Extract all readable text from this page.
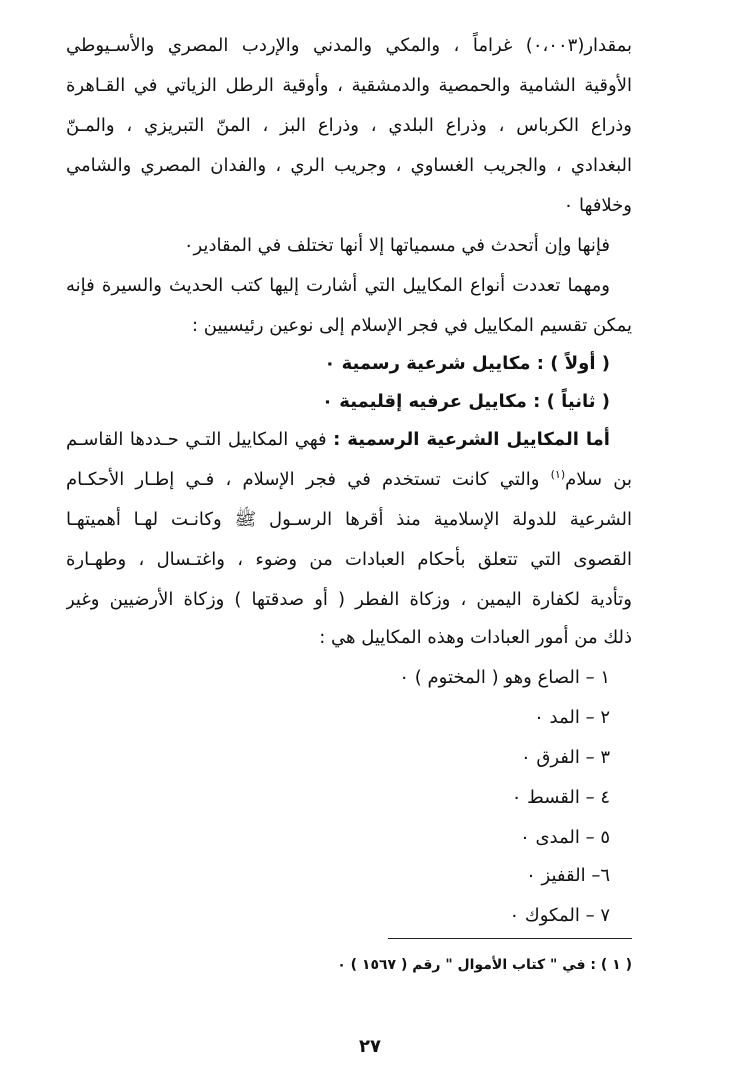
بمقدار(٠،٠٠٣) غراماً ، والمكي والمدني والإردب المصري والأسـيوطي
الأوقية الشامية والحمصية والدمشقية ، وأوقية الرطل الزياتي في القـاهرة
وذراع الكرباس ، وذراع البلدي ، وذراع البز ، المنّ التبريزي ، والمـنّ
البغدادي ، والجريب الغساوي ، وجريب الري ، والفدان المصري والشامي
وخلافها ٠
فإنها وإن أتحدث في مسمياتها إلا أنها تختلف في المقادير٠
ومهما تعددت أنواع المكاييل التي أشارت إليها كتب الحديث والسيرة فإنه
يمكن تقسيم المكاييل في فجر الإسلام إلى نوعين رئيسيين :
( أولاً ) : مكاييل شرعية رسمية ٠
( ثانياً ) : مكاييل عرفيه إقليمية ٠
أما المكاييل الشرعية الرسمية : فهي المكاييل التـي حـددها القاسـم
بن سلام$^{(١)}$ والتي كانت تستخدم في فجر الإسلام ، فـي إطـار الأحكـام
الشرعية للدولة الإسلامية منذ أقرها الرسـول ﷺ وكانـت لهـا أهميتهـا
القصوى التي تتعلق بأحكام العبادات من وضوء ، واغتـسال ، وطهـارة
وتأدية لكفارة اليمين ، وزكاة الفطر ( أو صدقتها ) وزكاة الأرضيين وغير
ذلك من أمور العبادات وهذه المكاييل هي :
١ – الصاع وهو ( المختوم ) ٠
٢ – المد ٠
٣ – الفرق ٠
٤ – القسط ٠
٥ – المدى ٠
٦– القفيز ٠
٧ – المكوك ٠
( ١ ) : في " كتاب الأموال " رقم ( ١٥٦٧ ) ٠
٢٧
